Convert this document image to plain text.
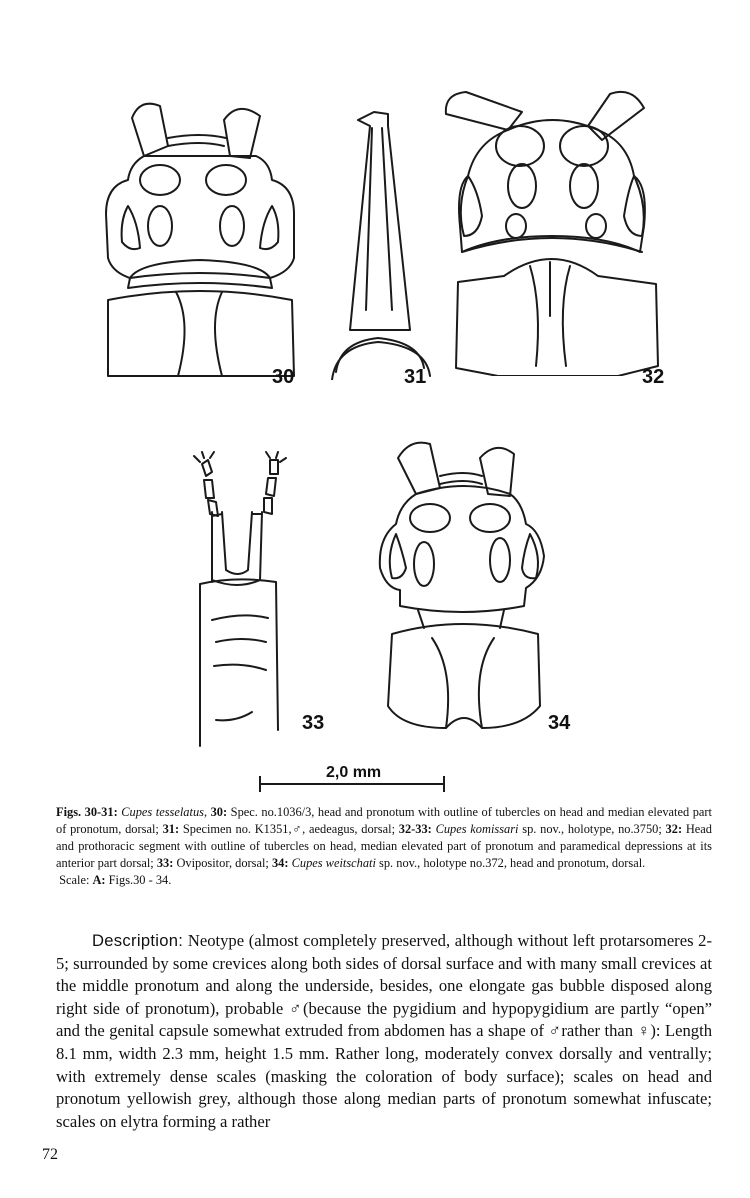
30	31	32
33	34
2,0 mm
Figs. 30-31: Cupes tesselatus, 30: Spec. no.1036/3, head and pronotum with outline of tubercles on head and median elevated part of pronotum, dorsal; 31: Specimen no. K1351,♂, aedeagus, dorsal; 32-33: Cupes komissari sp. nov., holotype, no.3750; 32: Head and prothoracic segment with outline of tubercles on head, median elevated part of pronotum and paramedical depressions at its anterior part dorsal; 33: Ovipositor, dorsal; 34: Cupes weitschati sp. nov., holotype no.372, head and pronotum, dorsal.
Scale: A: Figs.30 - 34.

Description: Neotype (almost completely preserved, although without left protarsomeres 2-5; surrounded by some crevices along both sides of dorsal surface and with many small crevices at the middle pronotum and along the underside, besides, one elongate gas bubble disposed along right side of pronotum), probable ♂(because the pygidium and hypopygidium are partly “open” and the genital capsule somewhat extruded from abdomen has a shape of ♂rather than ♀): Length 8.1 mm, width 2.3 mm, height 1.5 mm. Rather long, moderately convex dorsally and ventrally; with extremely dense scales (masking the coloration of body surface); scales on head and pronotum yellowish grey, although those along median parts of pronotum somewhat infuscate; scales on elytra forming a rather

72
